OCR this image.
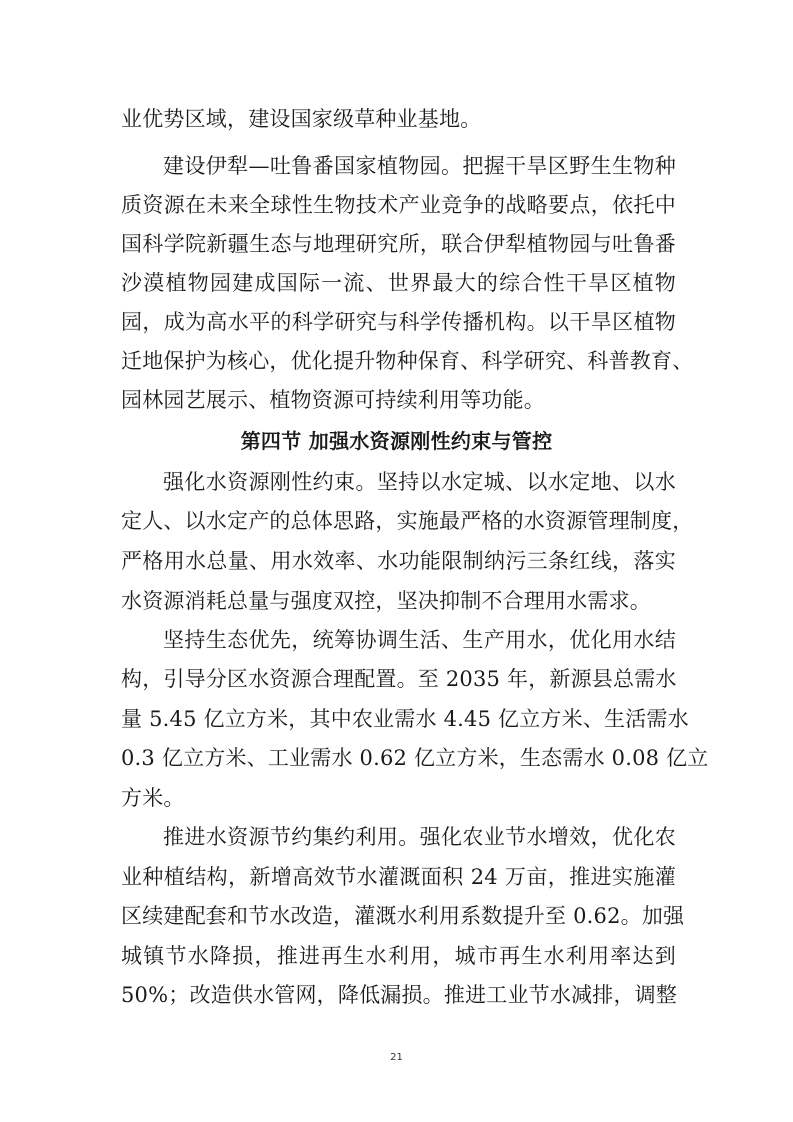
业优势区域，建设国家级草种业基地。
建设伊犁—吐鲁番国家植物园。把握干旱区野生生物种
质资源在未来全球性生物技术产业竞争的战略要点，依托中
国科学院新疆生态与地理研究所，联合伊犁植物园与吐鲁番
沙漠植物园建成国际一流、世界最大的综合性干旱区植物
园，成为高水平的科学研究与科学传播机构。以干旱区植物
迁地保护为核心，优化提升物种保育、科学研究、科普教育、
园林园艺展示、植物资源可持续利用等功能。
第四节 加强水资源刚性约束与管控
强化水资源刚性约束。坚持以水定城、以水定地、以水
定人、以水定产的总体思路，实施最严格的水资源管理制度，
严格用水总量、用水效率、水功能限制纳污三条红线，落实
水资源消耗总量与强度双控，坚决抑制不合理用水需求。
坚持生态优先，统筹协调生活、生产用水，优化用水结
构，引导分区水资源合理配置。至 2035 年，新源县总需水
量 5.45 亿立方米，其中农业需水 4.45 亿立方米、生活需水
0.3 亿立方米、工业需水 0.62 亿立方米，生态需水 0.08 亿立
方米。
推进水资源节约集约利用。强化农业节水增效，优化农
业种植结构，新增高效节水灌溉面积 24 万亩，推进实施灌
区续建配套和节水改造，灌溉水利用系数提升至 0.62。加强
城镇节水降损，推进再生水利用，城市再生水利用率达到
50%；改造供水管网，降低漏损。推进工业节水减排，调整
21
